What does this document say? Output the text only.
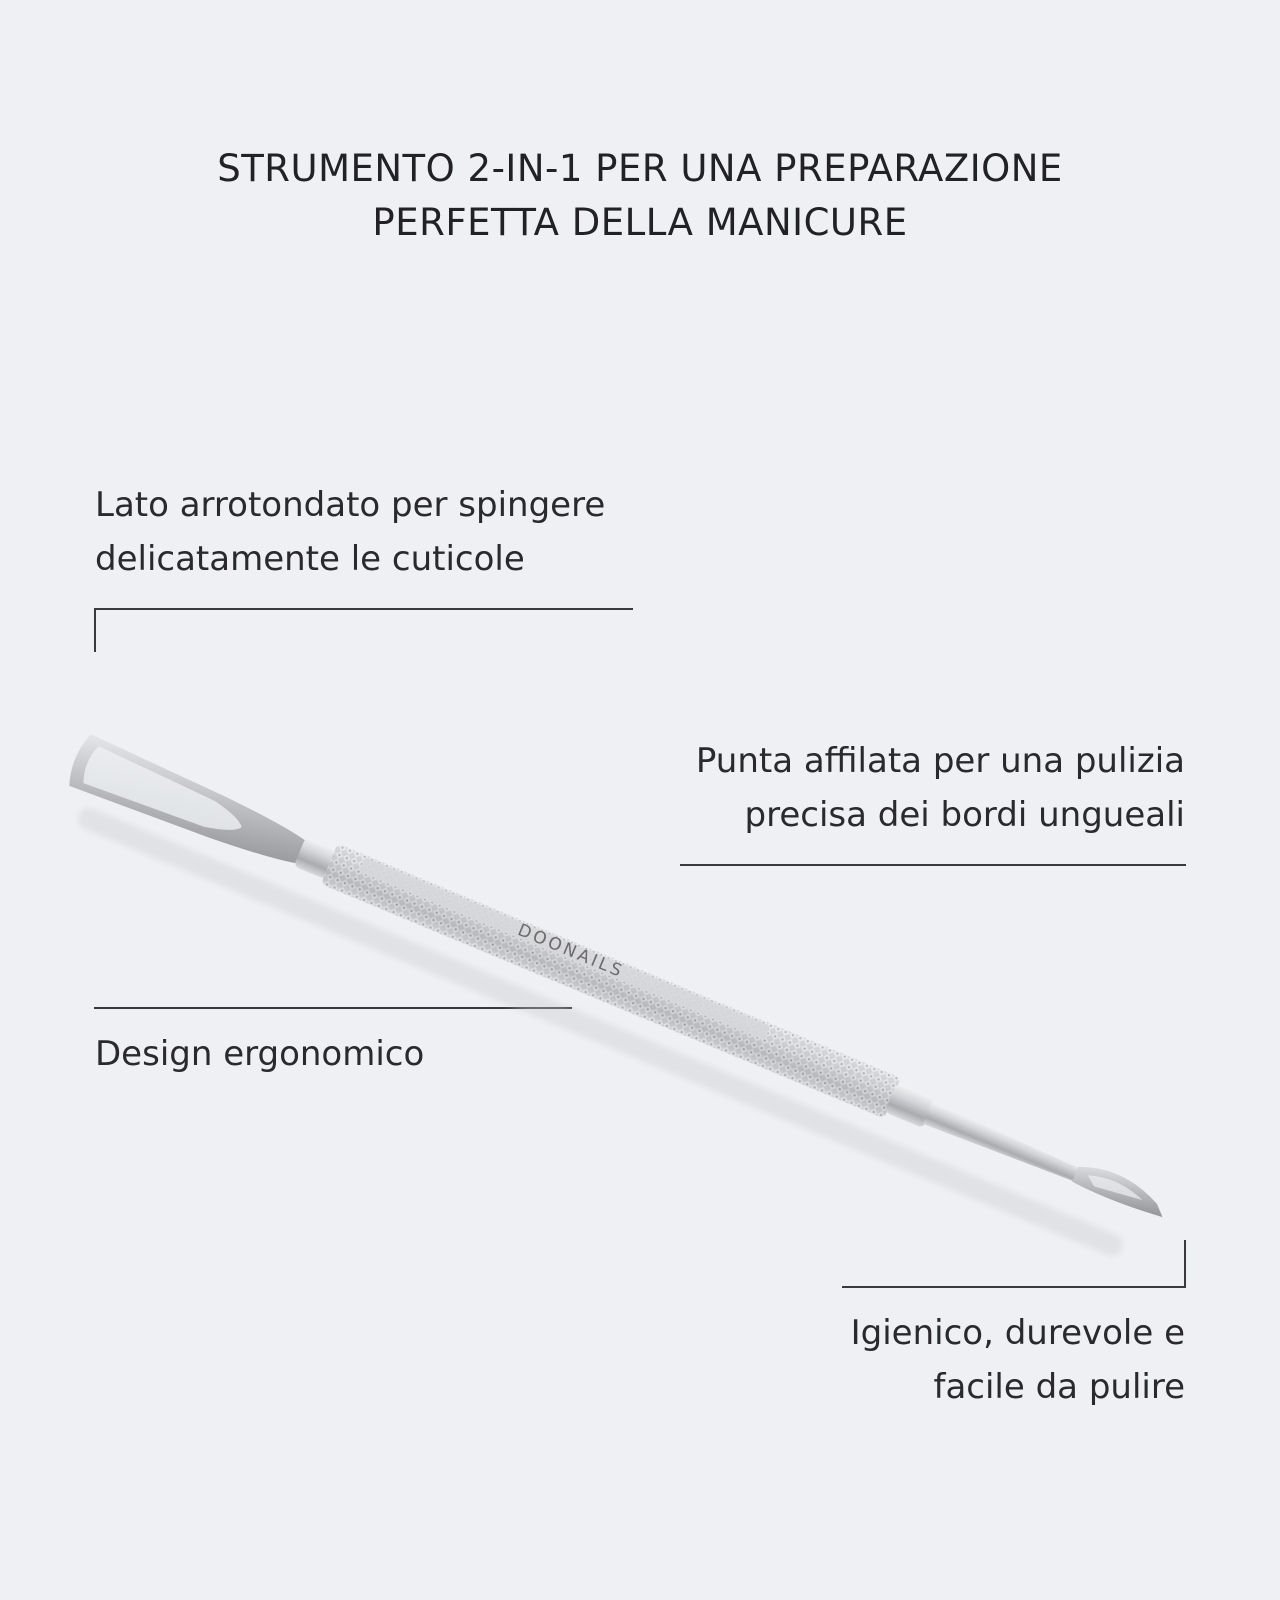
STRUMENTO 2-IN-1 PER UNA PREPARAZIONE
PERFETTA DELLA MANICURE
Lato arrotondato per spingere
delicatamente le cuticole
Punta affilata per una pulizia
precisa dei bordi ungueali
Design ergonomico
Igienico, durevole e
facile da pulire
DOONAILS
